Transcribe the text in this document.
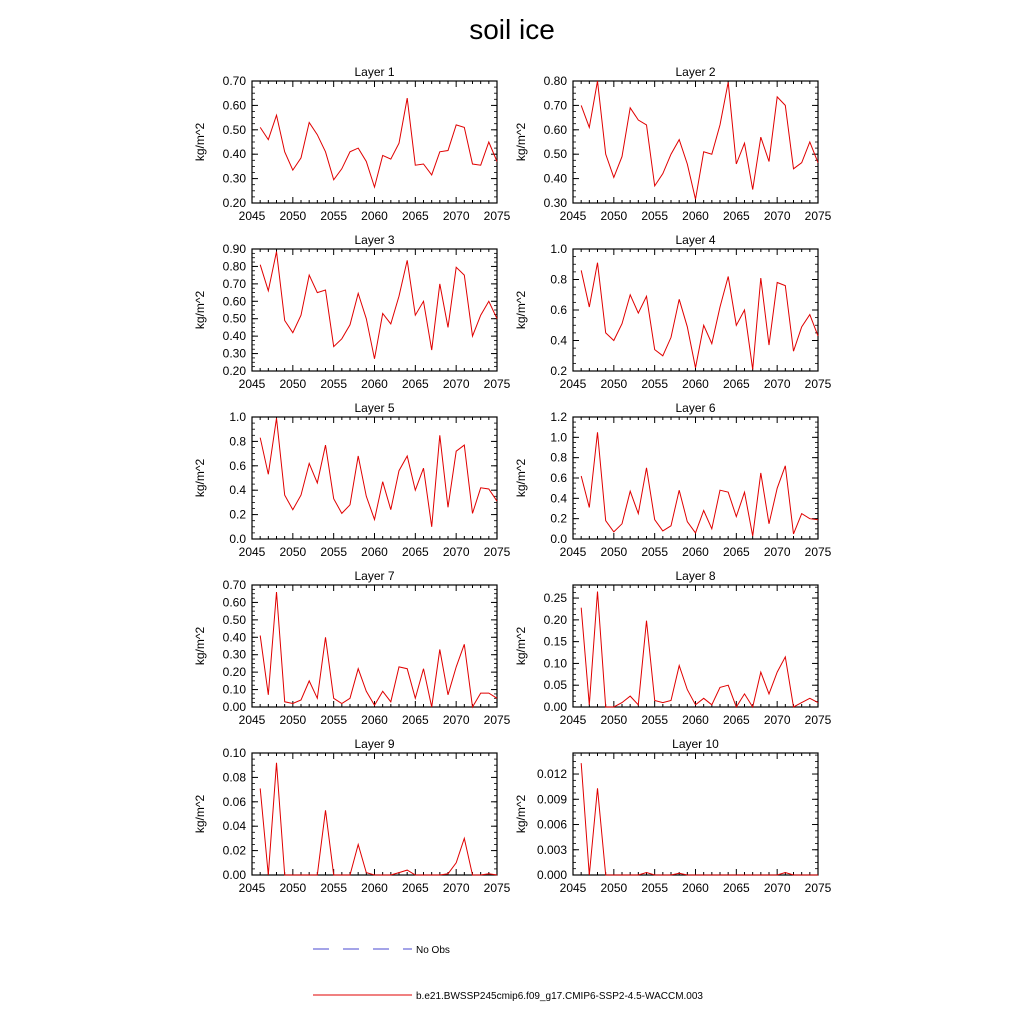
soil ice
Layer 1
2045 2050 2055 2060 2065 2070 2075
0.20
0.30
0.40
0.50
0.60
0.70
kg/m^2
Layer 2
2045 2050 2055 2060 2065 2070 2075
0.30
0.40
0.50
0.60
0.70
0.80
kg/m^2
Layer 3
2045 2050 2055 2060 2065 2070 2075
0.20
0.30
0.40
0.50
0.60
0.70
0.80
0.90
kg/m^2
Layer 4
2045 2050 2055 2060 2065 2070 2075
0.2
0.4
0.6
0.8
1.0
kg/m^2
Layer 5
2045 2050 2055 2060 2065 2070 2075
0.0
0.2
0.4
0.6
0.8
1.0
kg/m^2
Layer 6
2045 2050 2055 2060 2065 2070 2075
0.0
0.2
0.4
0.6
0.8
1.0
1.2
kg/m^2
Layer 7
2045 2050 2055 2060 2065 2070 2075
0.00
0.10
0.20
0.30
0.40
0.50
0.60
0.70
kg/m^2
Layer 8
2045 2050 2055 2060 2065 2070 2075
0.00
0.05
0.10
0.15
0.20
0.25
kg/m^2
Layer 9
2045 2050 2055 2060 2065 2070 2075
0.00
0.02
0.04
0.06
0.08
0.10
kg/m^2
Layer 10
2045 2050 2055 2060 2065 2070 2075
0.000
0.003
0.006
0.009
0.012
kg/m^2
No Obs
b.e21.BWSSP245cmip6.f09_g17.CMIP6-SSP2-4.5-WACCM.003
